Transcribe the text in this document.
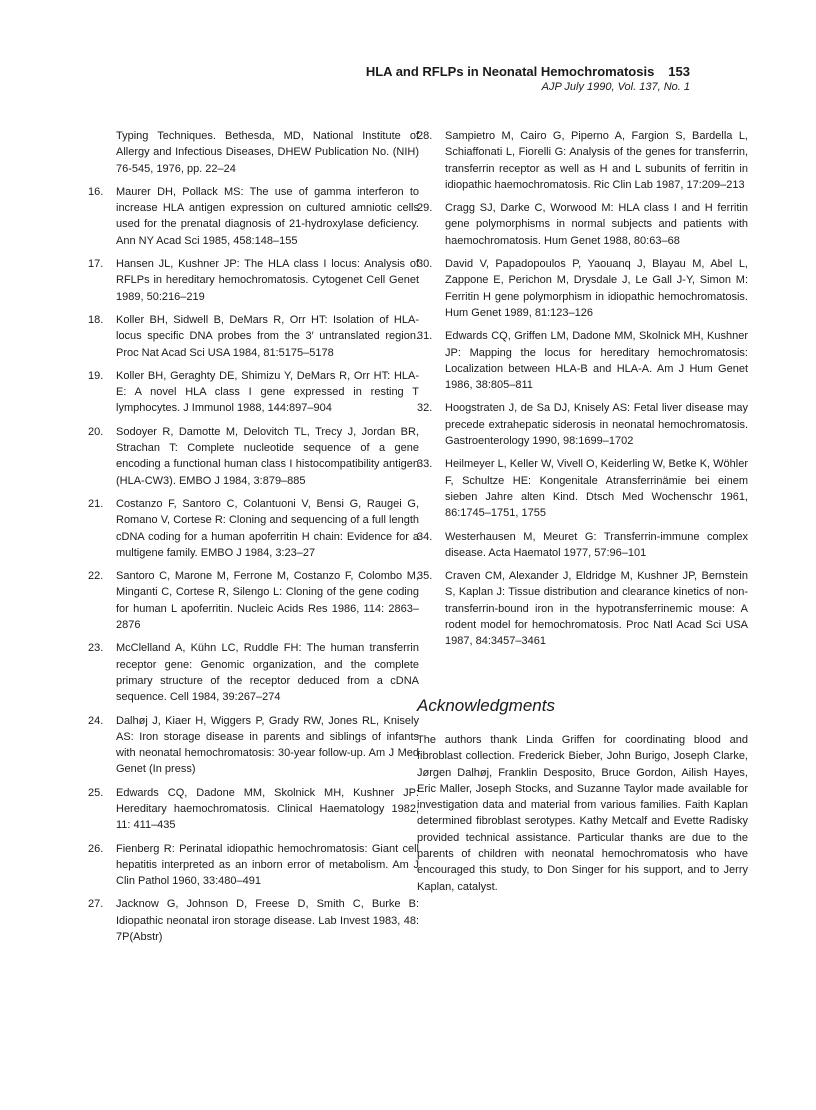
HLA and RFLPs in Neonatal Hemochromatosis 153
AJP July 1990, Vol. 137, No. 1
Typing Techniques. Bethesda, MD, National Institute of Allergy and Infectious Diseases, DHEW Publication No. (NIH) 76-545, 1976, pp. 22–24
16. Maurer DH, Pollack MS: The use of gamma interferon to increase HLA antigen expression on cultured amniotic cells used for the prenatal diagnosis of 21-hydroxylase deficiency. Ann NY Acad Sci 1985, 458:148–155
17. Hansen JL, Kushner JP: The HLA class I locus: Analysis of RFLPs in hereditary hemochromatosis. Cytogenet Cell Genet 1989, 50:216–219
18. Koller BH, Sidwell B, DeMars R, Orr HT: Isolation of HLA-locus specific DNA probes from the 3′ untranslated region. Proc Nat Acad Sci USA 1984, 81:5175–5178
19. Koller BH, Geraghty DE, Shimizu Y, DeMars R, Orr HT: HLA-E: A novel HLA class I gene expressed in resting T lymphocytes. J Immunol 1988, 144:897–904
20. Sodoyer R, Damotte M, Delovitch TL, Trecy J, Jordan BR, Strachan T: Complete nucleotide sequence of a gene encoding a functional human class I histocompatibility antigen (HLA-CW3). EMBO J 1984, 3:879–885
21. Costanzo F, Santoro C, Colantuoni V, Bensi G, Raugei G, Romano V, Cortese R: Cloning and sequencing of a full length cDNA coding for a human apoferritin H chain: Evidence for a multigene family. EMBO J 1984, 3:23–27
22. Santoro C, Marone M, Ferrone M, Costanzo F, Colombo M, Minganti C, Cortese R, Silengo L: Cloning of the gene coding for human L apoferritin. Nucleic Acids Res 1986, 114: 2863–2876
23. McClelland A, Kühn LC, Ruddle FH: The human transferrin receptor gene: Genomic organization, and the complete primary structure of the receptor deduced from a cDNA sequence. Cell 1984, 39:267–274
24. Dalhøj J, Kiaer H, Wiggers P, Grady RW, Jones RL, Knisely AS: Iron storage disease in parents and siblings of infants with neonatal hemochromatosis: 30-year follow-up. Am J Med Genet (In press)
25. Edwards CQ, Dadone MM, Skolnick MH, Kushner JP: Hereditary haemochromatosis. Clinical Haematology 1982, 11: 411–435
26. Fienberg R: Perinatal idiopathic hemochromatosis: Giant cell hepatitis interpreted as an inborn error of metabolism. Am J Clin Pathol 1960, 33:480–491
27. Jacknow G, Johnson D, Freese D, Smith C, Burke B: Idiopathic neonatal iron storage disease. Lab Invest 1983, 48: 7P(Abstr)
28. Sampietro M, Cairo G, Piperno A, Fargion S, Bardella L, Schiaffonati L, Fiorelli G: Analysis of the genes for transferrin, transferrin receptor as well as H and L subunits of ferritin in idiopathic haemochromatosis. Ric Clin Lab 1987, 17:209–213
29. Cragg SJ, Darke C, Worwood M: HLA class I and H ferritin gene polymorphisms in normal subjects and patients with haemochromatosis. Hum Genet 1988, 80:63–68
30. David V, Papadopoulos P, Yaouanq J, Blayau M, Abel L, Zappone E, Perichon M, Drysdale J, Le Gall J-Y, Simon M: Ferritin H gene polymorphism in idiopathic hemochromatosis. Hum Genet 1989, 81:123–126
31. Edwards CQ, Griffen LM, Dadone MM, Skolnick MH, Kushner JP: Mapping the locus for hereditary hemochromatosis: Localization between HLA-B and HLA-A. Am J Hum Genet 1986, 38:805–811
32. Hoogstraten J, de Sa DJ, Knisely AS: Fetal liver disease may precede extrahepatic siderosis in neonatal hemochromatosis. Gastroenterology 1990, 98:1699–1702
33. Heilmeyer L, Keller W, Vivell O, Keiderling W, Betke K, Wöhler F, Schultze HE: Kongenitale Atransferrinämie bei einem sieben Jahre alten Kind. Dtsch Med Wochenschr 1961, 86:1745–1751, 1755
34. Westerhausen M, Meuret G: Transferrin-immune complex disease. Acta Haematol 1977, 57:96–101
35. Craven CM, Alexander J, Eldridge M, Kushner JP, Bernstein S, Kaplan J: Tissue distribution and clearance kinetics of non-transferrin-bound iron in the hypotransferrinemic mouse: A rodent model for hemochromatosis. Proc Natl Acad Sci USA 1987, 84:3457–3461
Acknowledgments
The authors thank Linda Griffen for coordinating blood and fibroblast collection. Frederick Bieber, John Burigo, Joseph Clarke, Jørgen Dalhøj, Franklin Desposito, Bruce Gordon, Ailish Hayes, Eric Maller, Joseph Stocks, and Suzanne Taylor made available for investigation data and material from various families. Faith Kaplan determined fibroblast serotypes. Kathy Metcalf and Evette Radisky provided technical assistance. Particular thanks are due to the parents of children with neonatal hemochromatosis who have encouraged this study, to Don Singer for his support, and to Jerry Kaplan, catalyst.
